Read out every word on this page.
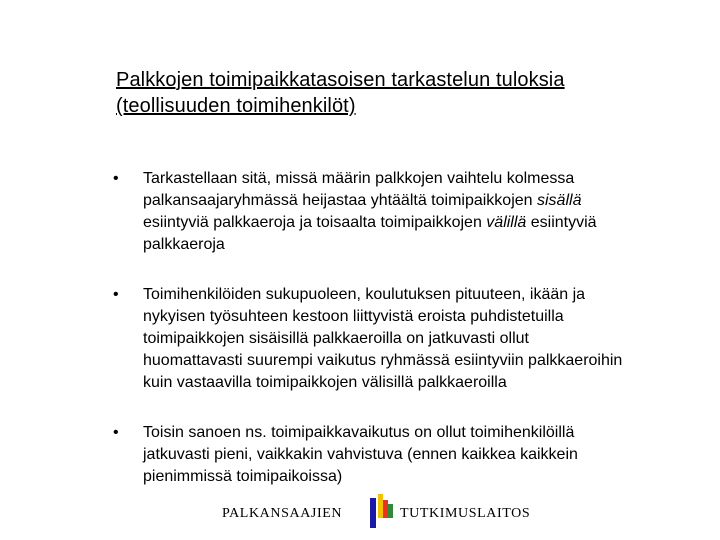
Palkkojen toimipaikkatasoisen tarkastelun tuloksia
(teollisuuden toimihenkilöt)
• Tarkastellaan sitä, missä määrin palkkojen vaihtelu kolmessa
palkansaajaryhmässä heijastaa yhtäältä toimipaikkojen sisällä
esiintyviä palkkaeroja ja toisaalta toimipaikkojen välillä esiintyviä
palkkaeroja
• Toimihenkilöiden sukupuoleen, koulutuksen pituuteen, ikään ja
nykyisen työsuhteen kestoon liittyvistä eroista puhdistetuilla
toimipaikkojen sisäisillä palkkaeroilla on jatkuvasti ollut
huomattavasti suurempi vaikutus ryhmässä esiintyviin palkkaeroihin
kuin vastaavilla toimipaikkojen välisillä palkkaeroilla
• Toisin sanoen ns. toimipaikkavaikutus on ollut toimihenkilöillä
jatkuvasti pieni, vaikkakin vahvistuva (ennen kaikkea kaikkein
pienimmissä toimipaikoissa)
PALKANSAAJIEN	TUTKIMUSLAITOS
